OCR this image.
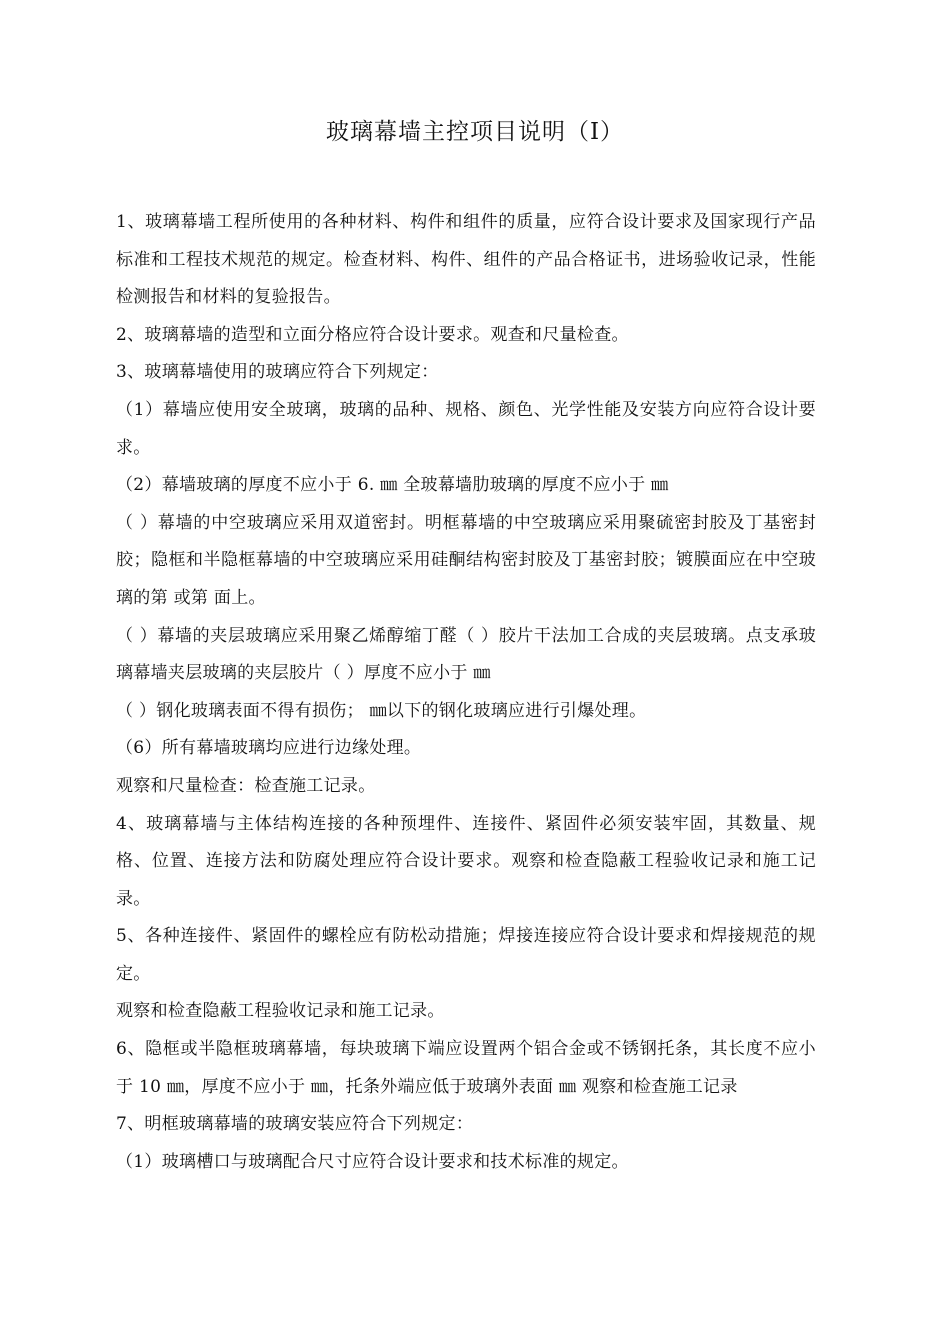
玻璃幕墙主控项目说明（I）

1、玻璃幕墙工程所使用的各种材料、构件和组件的质量，应符合设计要求及国家现行产品标准和工程技术规范的规定。检查材料、构件、组件的产品合格证书，进场验收记录，性能检测报告和材料的复验报告。

2、玻璃幕墙的造型和立面分格应符合设计要求。观查和尺量检查。

3、玻璃幕墙使用的玻璃应符合下列规定：

（1）幕墙应使用安全玻璃，玻璃的品种、规格、颜色、光学性能及安装方向应符合设计要求。

（2）幕墙玻璃的厚度不应小于 6. ㎜ 全玻幕墙肋玻璃的厚度不应小于 ㎜

（ ）幕墙的中空玻璃应采用双道密封。明框幕墙的中空玻璃应采用聚硫密封胶及丁基密封胶；隐框和半隐框幕墙的中空玻璃应采用硅酮结构密封胶及丁基密封胶；镀膜面应在中空玻璃的第 或第 面上。

（ ）幕墙的夹层玻璃应采用聚乙烯醇缩丁醛（ ）胶片干法加工合成的夹层玻璃。点支承玻璃幕墙夹层玻璃的夹层胶片（ ）厚度不应小于 ㎜

（ ）钢化玻璃表面不得有损伤； ㎜以下的钢化玻璃应进行引爆处理。

（6）所有幕墙玻璃均应进行边缘处理。

观察和尺量检查：检查施工记录。

4、玻璃幕墙与主体结构连接的各种预埋件、连接件、紧固件必须安装牢固，其数量、规格、位置、连接方法和防腐处理应符合设计要求。观察和检查隐蔽工程验收记录和施工记录。

5、各种连接件、紧固件的螺栓应有防松动措施；焊接连接应符合设计要求和焊接规范的规定。

观察和检查隐蔽工程验收记录和施工记录。

6、隐框或半隐框玻璃幕墙，每块玻璃下端应设置两个铝合金或不锈钢托条，其长度不应小于 10 ㎜，厚度不应小于 ㎜，托条外端应低于玻璃外表面 ㎜ 观察和检查施工记录

7、明框玻璃幕墙的玻璃安装应符合下列规定：

（1）玻璃槽口与玻璃配合尺寸应符合设计要求和技术标准的规定。
